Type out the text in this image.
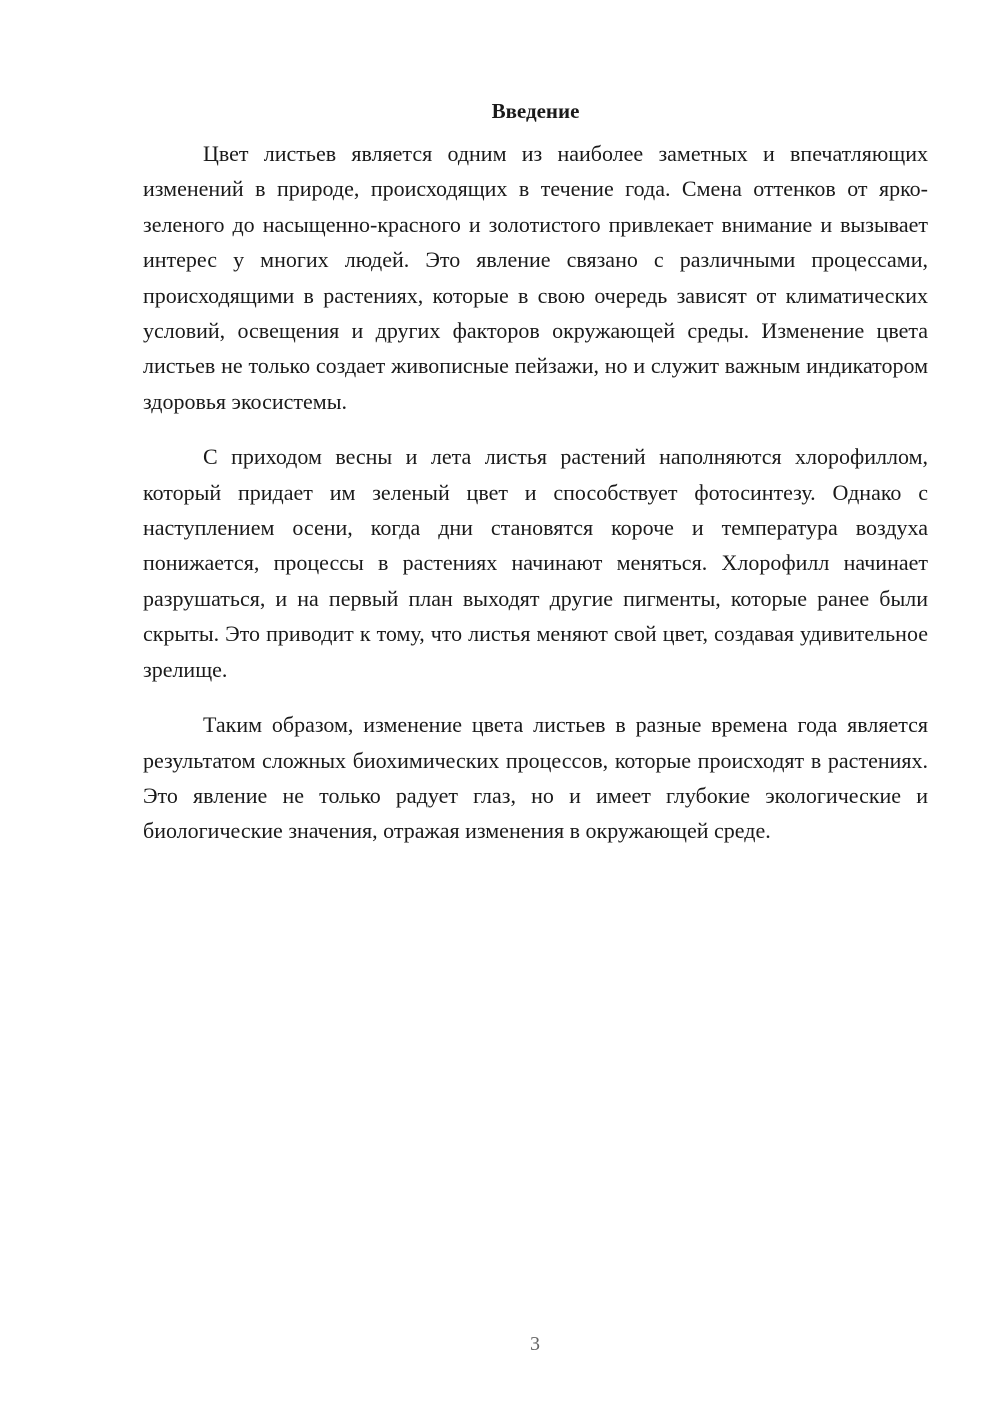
Введение

Цвет листьев является одним из наиболее заметных и впечатляющих изменений в природе, происходящих в течение года. Смена оттенков от ярко-зеленого до насыщенно-красного и золотистого привлекает внимание и вызывает интерес у многих людей. Это явление связано с различными процессами, происходящими в растениях, которые в свою очередь зависят от климатических условий, освещения и других факторов окружающей среды. Изменение цвета листьев не только создает живописные пейзажи, но и служит важным индикатором здоровья экосистемы.

С приходом весны и лета листья растений наполняются хлорофиллом, который придает им зеленый цвет и способствует фотосинтезу. Однако с наступлением осени, когда дни становятся короче и температура воздуха понижается, процессы в растениях начинают меняться. Хлорофилл начинает разрушаться, и на первый план выходят другие пигменты, которые ранее были скрыты. Это приводит к тому, что листья меняют свой цвет, создавая удивительное зрелище.

Таким образом, изменение цвета листьев в разные времена года является результатом сложных биохимических процессов, которые происходят в растениях. Это явление не только радует глаз, но и имеет глубокие экологические и биологические значения, отражая изменения в окружающей среде.

3
